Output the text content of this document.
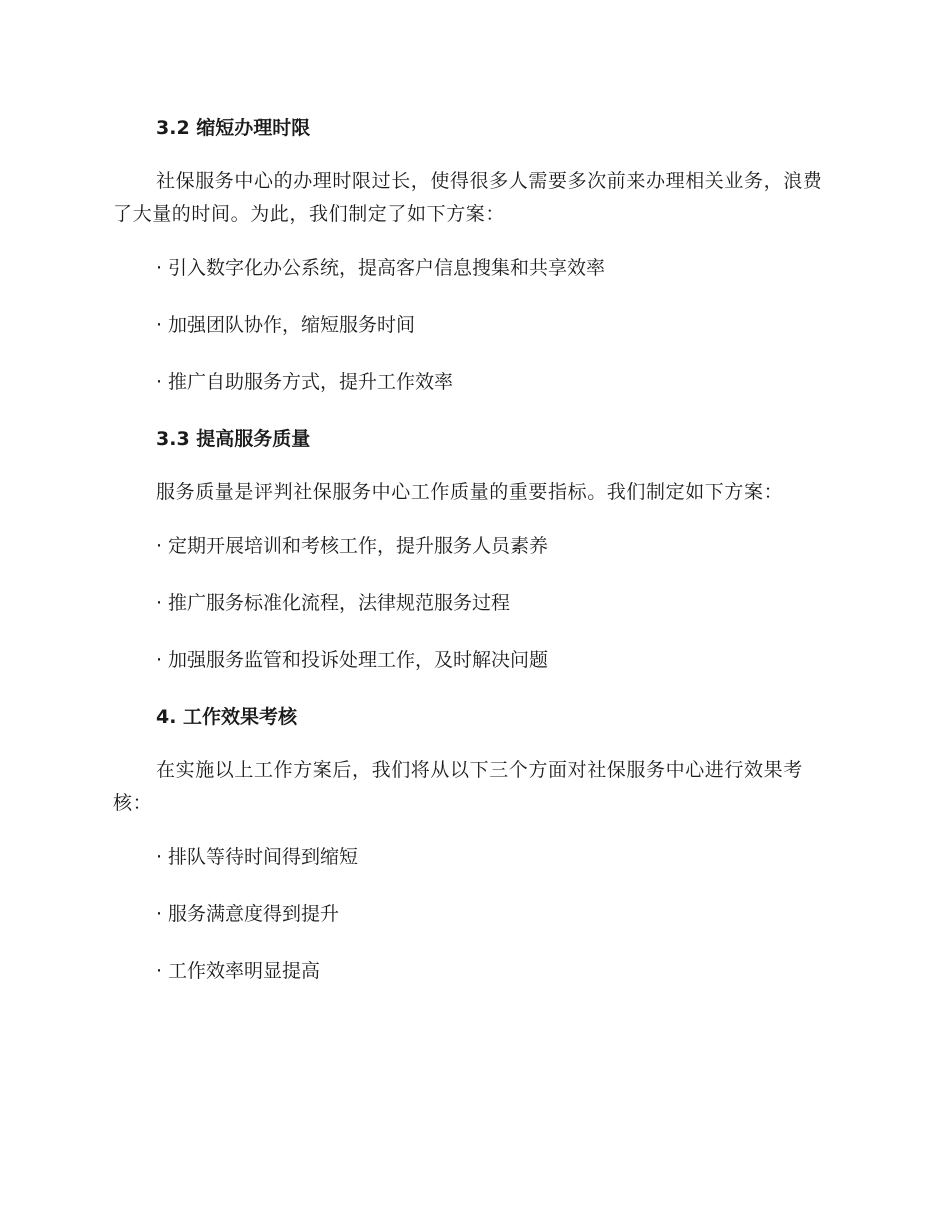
3.2 缩短办理时限

社保服务中心的办理时限过长，使得很多人需要多次前来办理相关业务，浪费了大量的时间。为此，我们制定了如下方案：

· 引入数字化办公系统，提高客户信息搜集和共享效率
· 加强团队协作，缩短服务时间
· 推广自助服务方式，提升工作效率
3.3 提高服务质量

服务质量是评判社保服务中心工作质量的重要指标。我们制定如下方案：

· 定期开展培训和考核工作，提升服务人员素养
· 推广服务标准化流程，法律规范服务过程
· 加强服务监管和投诉处理工作，及时解决问题
4. 工作效果考核

在实施以上工作方案后，我们将从以下三个方面对社保服务中心进行效果考核：

· 排队等待时间得到缩短
· 服务满意度得到提升
· 工作效率明显提高
